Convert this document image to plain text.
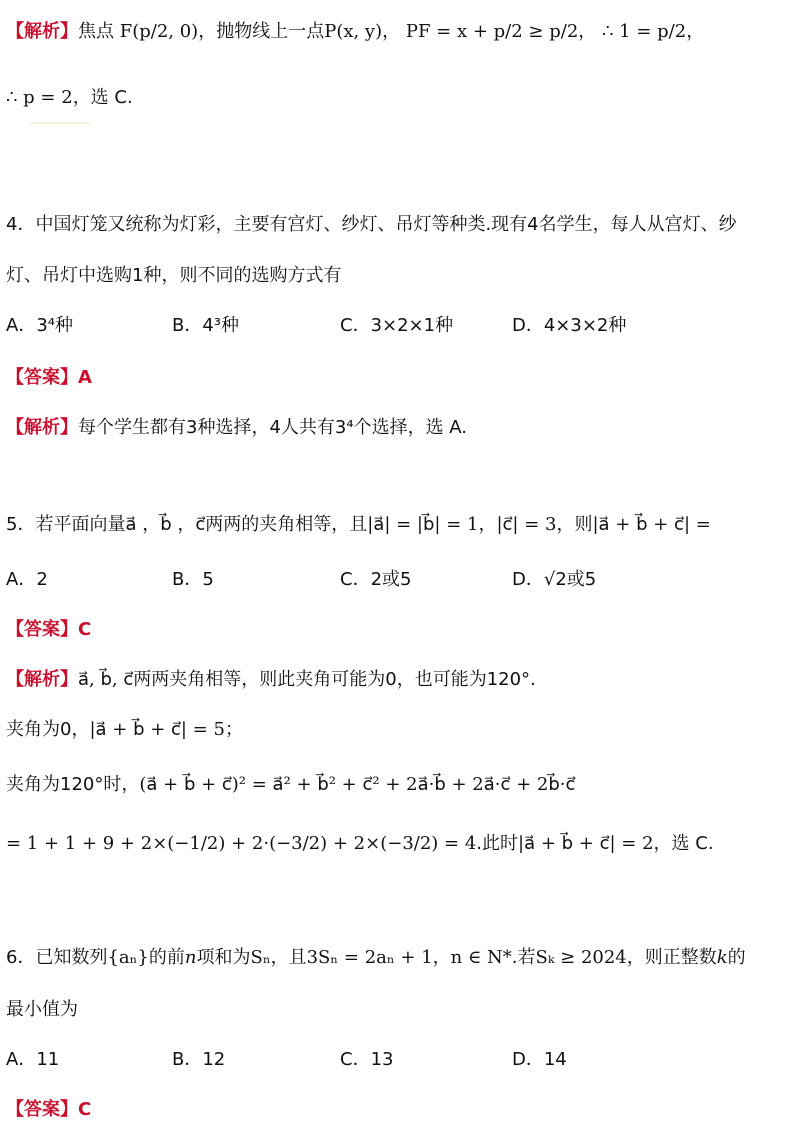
【解析】焦点 F(p/2, 0)，抛物线上一点P(x, y)， PF = x + p/2 ≥ p/2， ∴ 1 = p/2，
∴ p = 2，选 C.
4．中国灯笼又统称为灯彩，主要有宫灯、纱灯、吊灯等种类.现有4名学生，每人从宫灯、纱
灯、吊灯中选购1种，则不同的选购方式有
A．3⁴种	B．4³种	C．3×2×1种	D．4×3×2种
【答案】A
【解析】每个学生都有3种选择，4人共有3⁴个选择，选 A.
5．若平面向量a⃗ ，b⃗ ，c⃗两两的夹角相等，且|a⃗| = |b⃗| = 1，|c⃗| = 3，则|a⃗ + b⃗ + c⃗| =
A．2	B．5	C．2或5	D．√2或5
【答案】C
【解析】a⃗, b⃗, c⃗两两夹角相等，则此夹角可能为0，也可能为120°.
夹角为0，|a⃗ + b⃗ + c⃗| = 5；
夹角为120°时，(a⃗ + b⃗ + c⃗)² = a⃗² + b⃗² + c⃗² + 2a⃗·b⃗ + 2a⃗·c⃗ + 2b⃗·c⃗
= 1 + 1 + 9 + 2×(−1/2) + 2·(−3/2) + 2×(−3/2) = 4.此时|a⃗ + b⃗ + c⃗| = 2，选 C.
6．已知数列{aₙ}的前n项和为Sₙ，且3Sₙ = 2aₙ + 1，n ∈ N*.若Sₖ ≥ 2024，则正整数k的
最小值为
A．11	B．12	C．13	D．14
【答案】C
